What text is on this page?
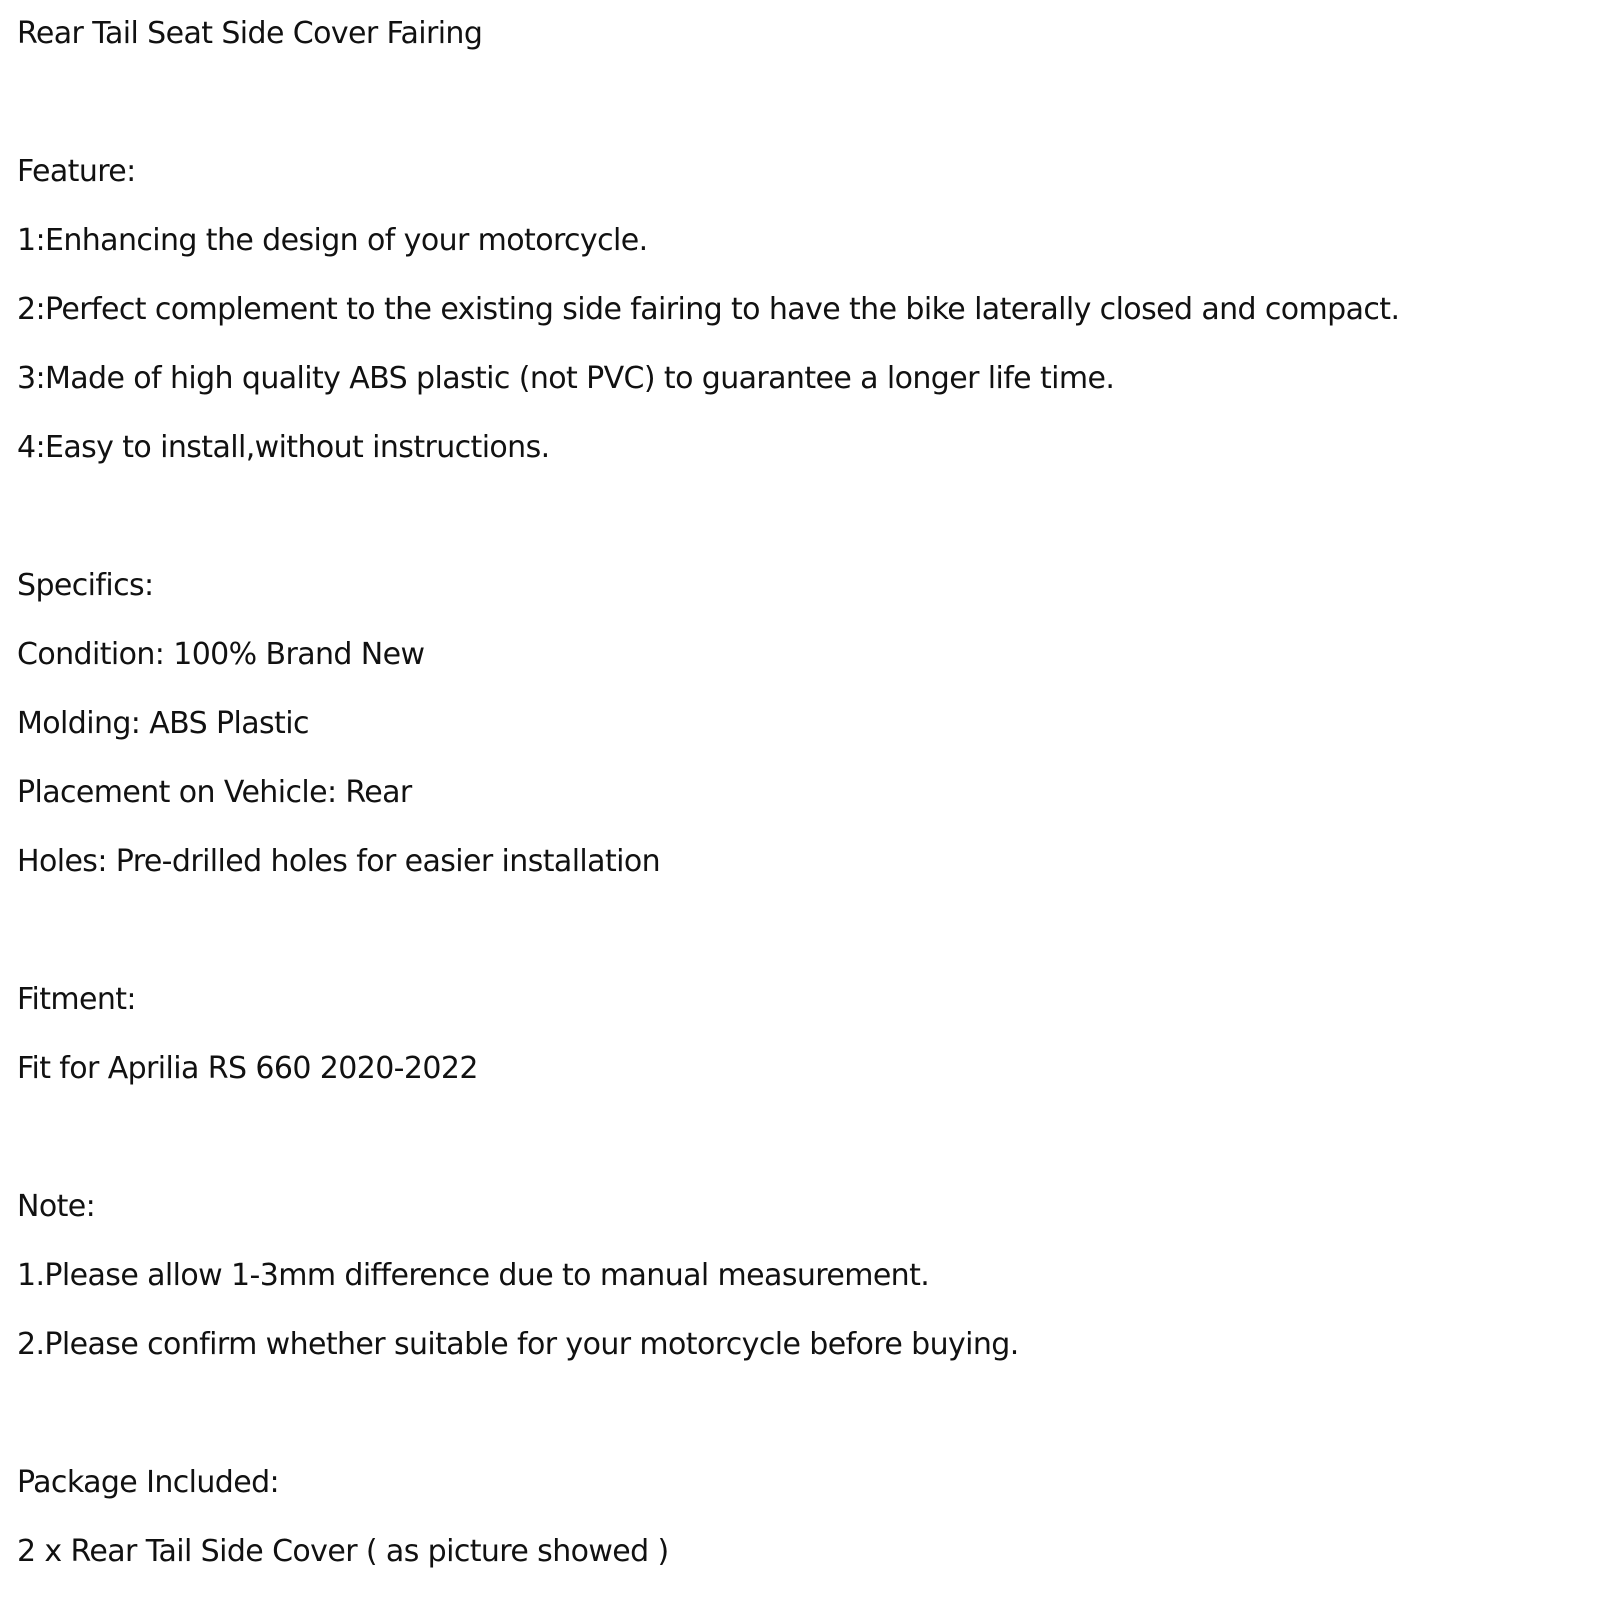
Rear Tail Seat Side Cover Fairing
Feature:
1:Enhancing the design of your motorcycle.
2:Perfect complement to the existing side fairing to have the bike laterally closed and compact.
3:Made of high quality ABS plastic (not PVC) to guarantee a longer life time.
4:Easy to install,without instructions.
Specifics:
Condition: 100% Brand New
Molding: ABS Plastic
Placement on Vehicle: Rear
Holes: Pre-drilled holes for easier installation
Fitment:
Fit for Aprilia RS 660 2020-2022
Note:
1.Please allow 1-3mm difference due to manual measurement.
2.Please confirm whether suitable for your motorcycle before buying.
Package Included:
2 x Rear Tail Side Cover ( as picture showed )
